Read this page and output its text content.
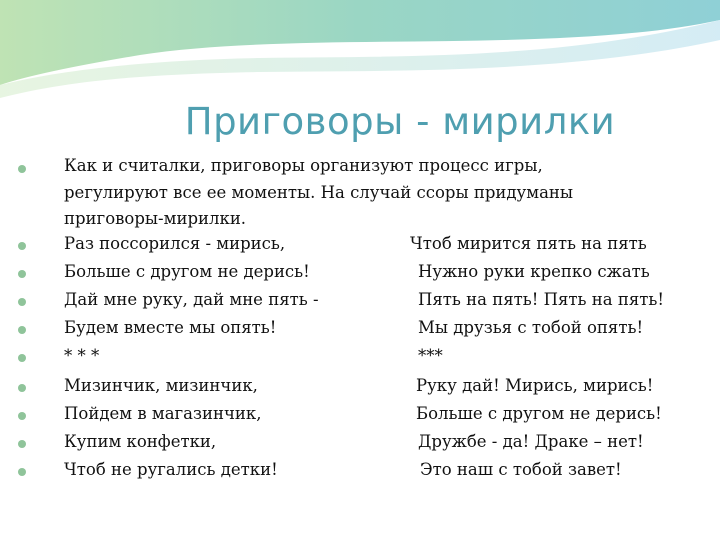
Приговоры - мирилки
Как и считалки, приговоры организуют процесс игры,
регулируют все ее моменты. На случай ссоры придуманы
приговоры-мирилки.
Раз поссорился - мирись,	Чтоб мирится пять на пять
Больше с другом не дерись!	Нужно руки крепко сжать
Дай мне руку, дай мне пять -	Пять на пять! Пять на пять!
Будем вместе мы опять!	Мы друзья с тобой опять!
* * *	***
Мизинчик, мизинчик,	Руку дай! Мирись, мирись!
Пойдем в магазинчик,	Больше с другом не дерись!
Купим конфетки,	Дружбе - да! Драке – нет!
Чтоб не ругались детки!	Это наш с тобой завет!
